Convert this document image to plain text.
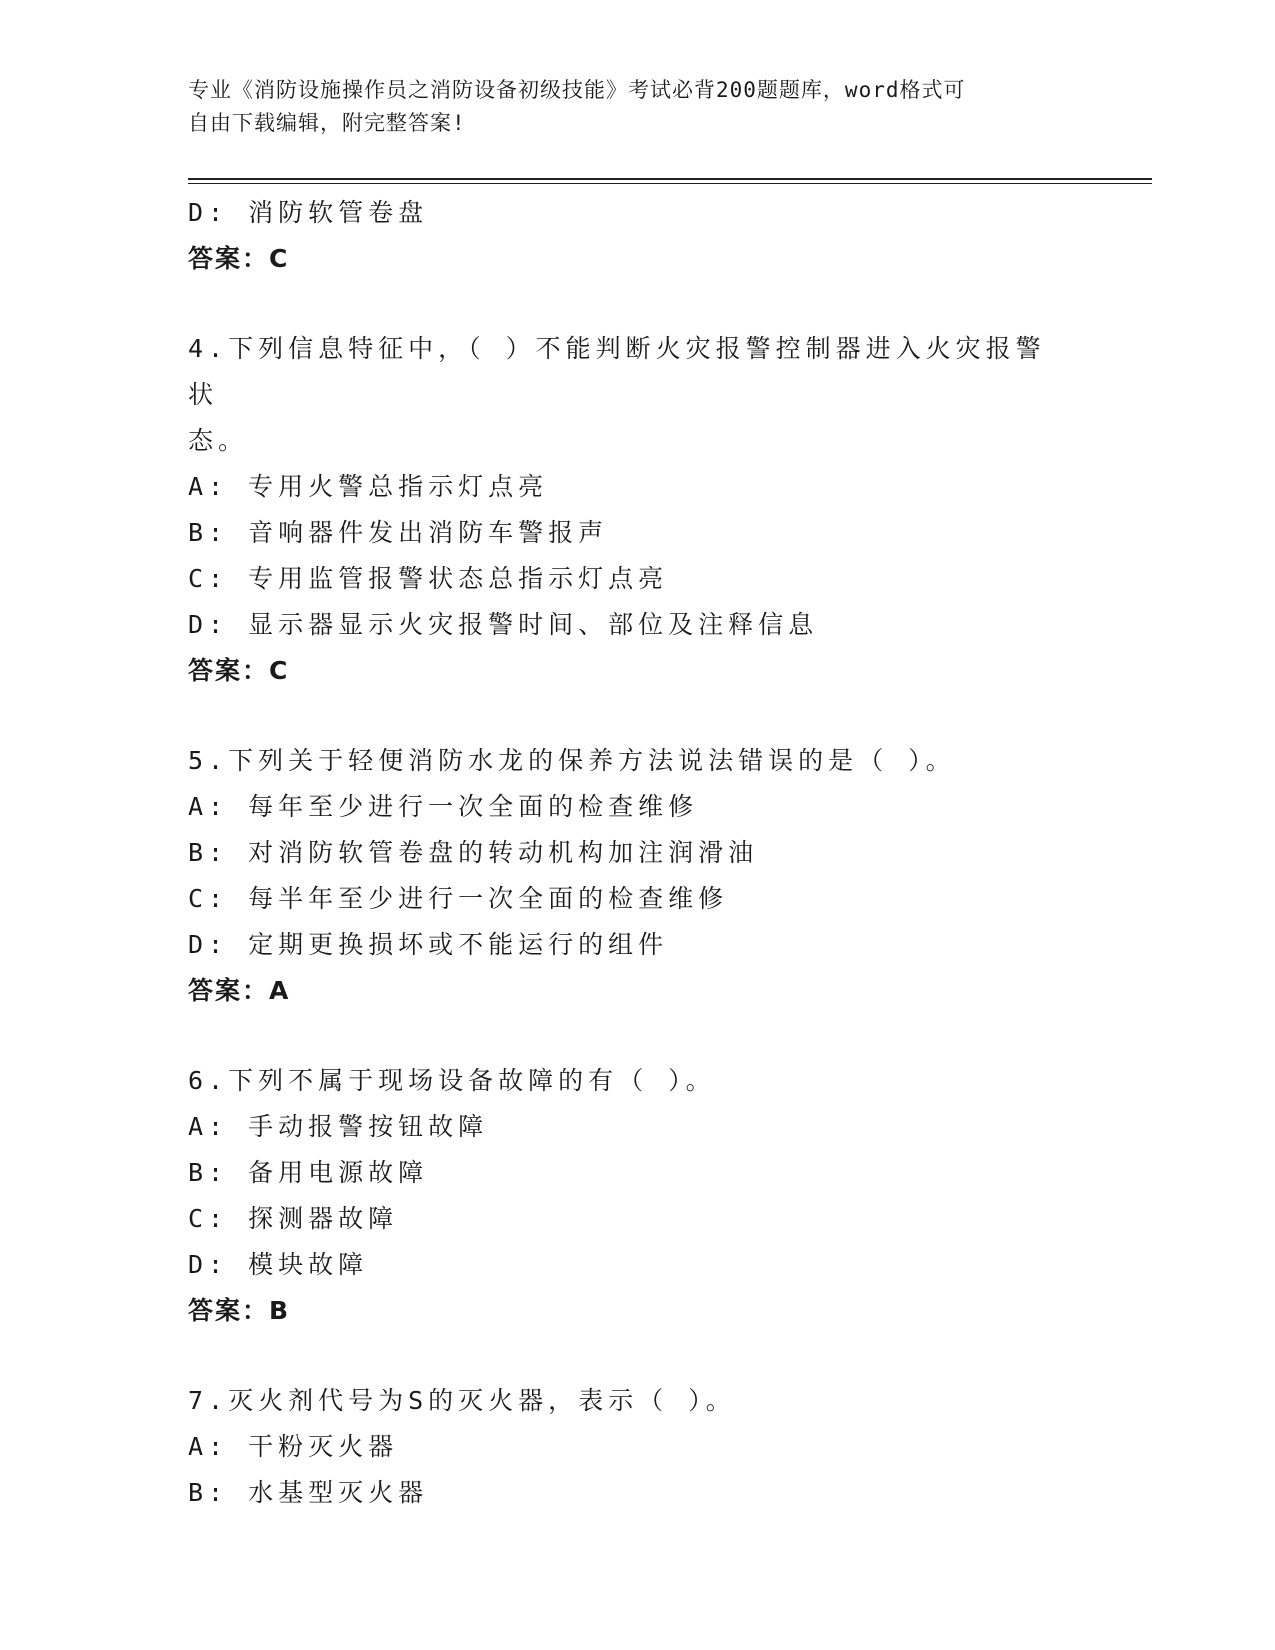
专业《消防设施操作员之消防设备初级技能》考试必背200题题库，word格式可
自由下载编辑，附完整答案!
D: 消防软管卷盘
答案：C
4.下列信息特征中，（ ）不能判断火灾报警控制器进入火灾报警状
态。
A: 专用火警总指示灯点亮
B: 音响器件发出消防车警报声
C: 专用监管报警状态总指示灯点亮
D: 显示器显示火灾报警时间、部位及注释信息
答案：C
5.下列关于轻便消防水龙的保养方法说法错误的是（ ）。
A: 每年至少进行一次全面的检查维修
B: 对消防软管卷盘的转动机构加注润滑油
C: 每半年至少进行一次全面的检查维修
D: 定期更换损坏或不能运行的组件
答案：A
6.下列不属于现场设备故障的有（ ）。
A: 手动报警按钮故障
B: 备用电源故障
C: 探测器故障
D: 模块故障
答案：B
7.灭火剂代号为S的灭火器，表示（ ）。
A: 干粉灭火器
B: 水基型灭火器
